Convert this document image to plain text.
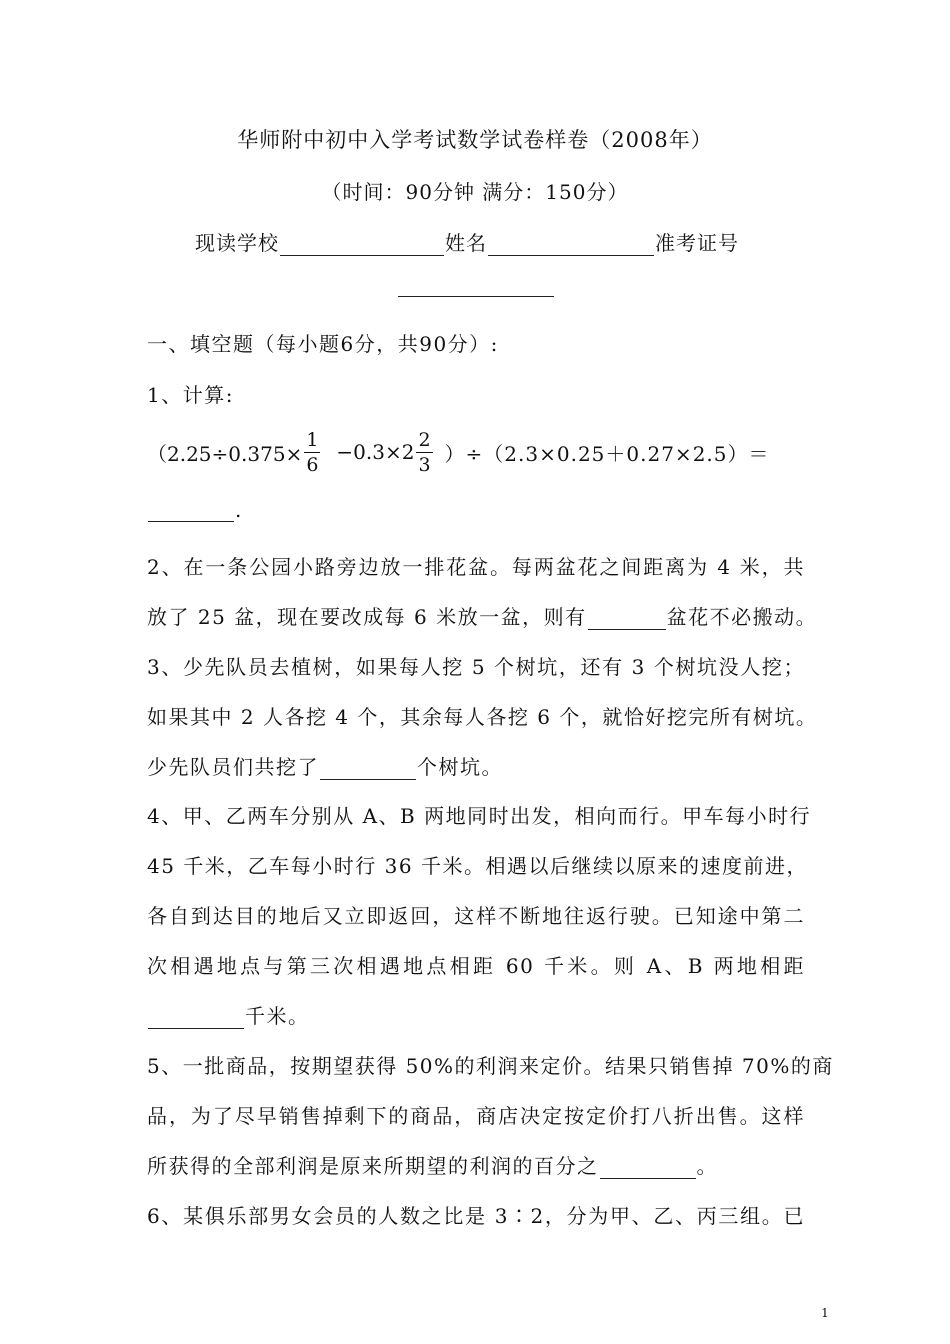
华师附中初中入学考试数学试卷样卷（2008年）
（时间：90分钟 满分：150分）
现读学校	姓名	准考证号
一、填空题（每小题6分，共90分）:
1、计算:
$(2.25\div 0.375\times \frac{1}{6} -0.3\times 2 \frac{2}{3} )\div(2.3\times 0.25+0.27\times 2.5)=$
.
2、在一条公园小路旁边放一排花盆。每两盆花之间距离为 4 米，共
放了 25 盆，现在要改成每 6 米放一盆，则有	盆花不必搬动。
3、少先队员去植树，如果每人挖 5 个树坑，还有 3 个树坑没人挖；
如果其中 2 人各挖 4 个，其余每人各挖 6 个，就恰好挖完所有树坑。
少先队员们共挖了	个树坑。
4、甲、乙两车分别从 A、B 两地同时出发，相向而行。甲车每小时行
45 千米，乙车每小时行 36 千米。相遇以后继续以原来的速度前进，
各自到达目的地后又立即返回，这样不断地往返行驶。已知途中第二
次相遇地点与第三次相遇地点相距 60 千米。则 A、B 两地相距
千米。
5、一批商品，按期望获得 50%的利润来定价。结果只销售掉 70%的商
品，为了尽早销售掉剩下的商品，商店决定按定价打八折出售。这样
所获得的全部利润是原来所期望的利润的百分之	。
6、某俱乐部男女会员的人数之比是 3∶2，分为甲、乙、丙三组。已
1
